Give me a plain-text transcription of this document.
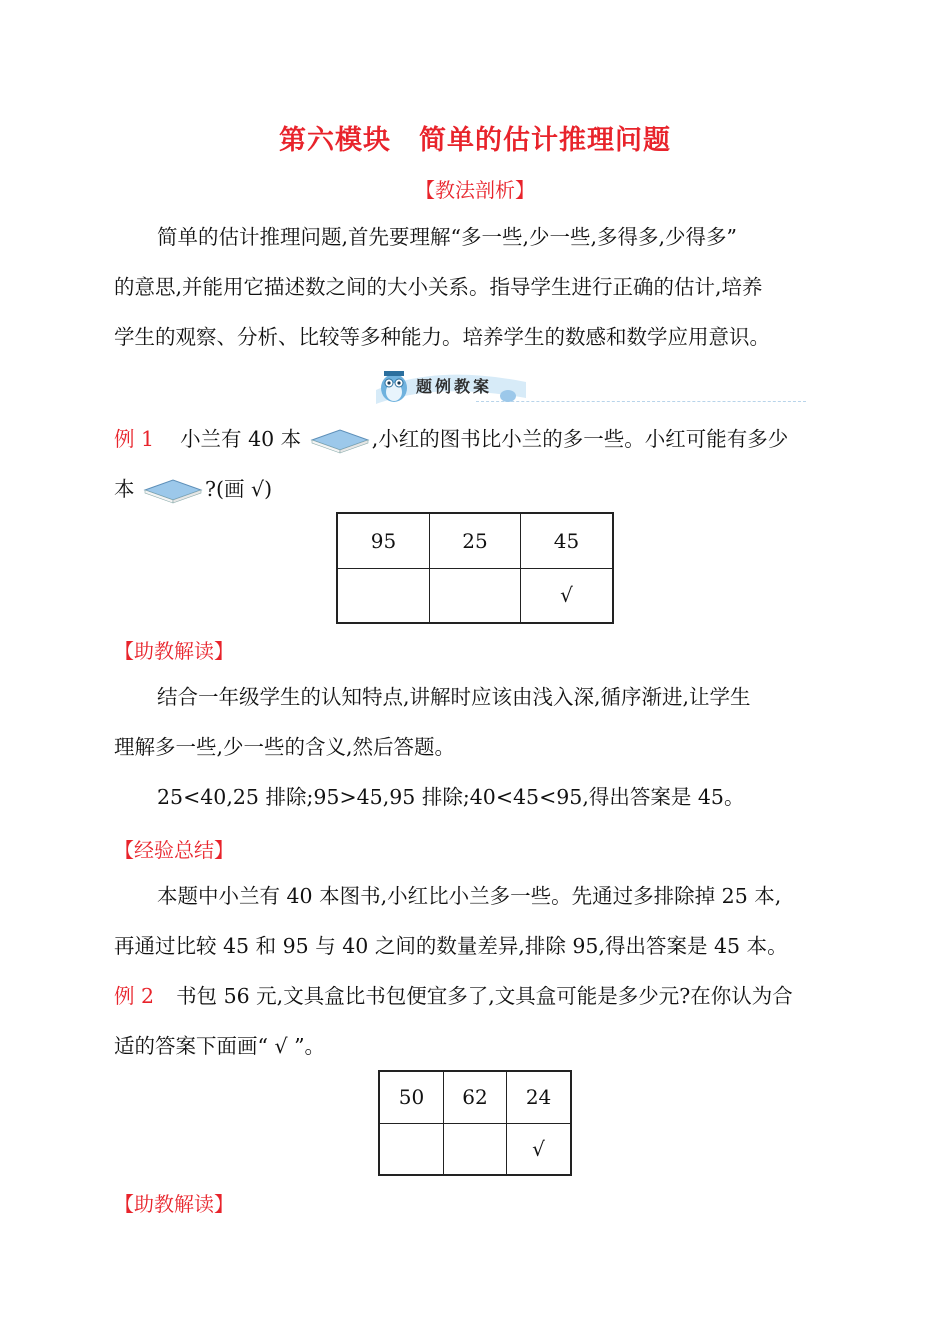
第六模块　简单的估计推理问题
【教法剖析】
简单的估计推理问题,首先要理解“多一些,少一些,多得多,少得多”
的意思,并能用它描述数之间的大小关系。指导学生进行正确的估计,培养
学生的观察、分析、比较等多种能力。培养学生的数感和数学应用意识。
题例教案
例 1 小兰有 40 本	,小红的图书比小兰的多一些。小红可能有多少
本	?(画 √)
95	25	45
		√
【助教解读】
结合一年级学生的认知特点,讲解时应该由浅入深,循序渐进,让学生
理解多一些,少一些的含义,然后答题。
25<40,25 排除;95>45,95 排除;40<45<95,得出答案是 45。
【经验总结】
本题中小兰有 40 本图书,小红比小兰多一些。先通过多排除掉 25 本,
再通过比较 45 和 95 与 40 之间的数量差异,排除 95,得出答案是 45 本。
例 2 书包 56 元,文具盒比书包便宜多了,文具盒可能是多少元?在你认为合
适的答案下面画“ √ ”。
50	62	24
		√
【助教解读】
